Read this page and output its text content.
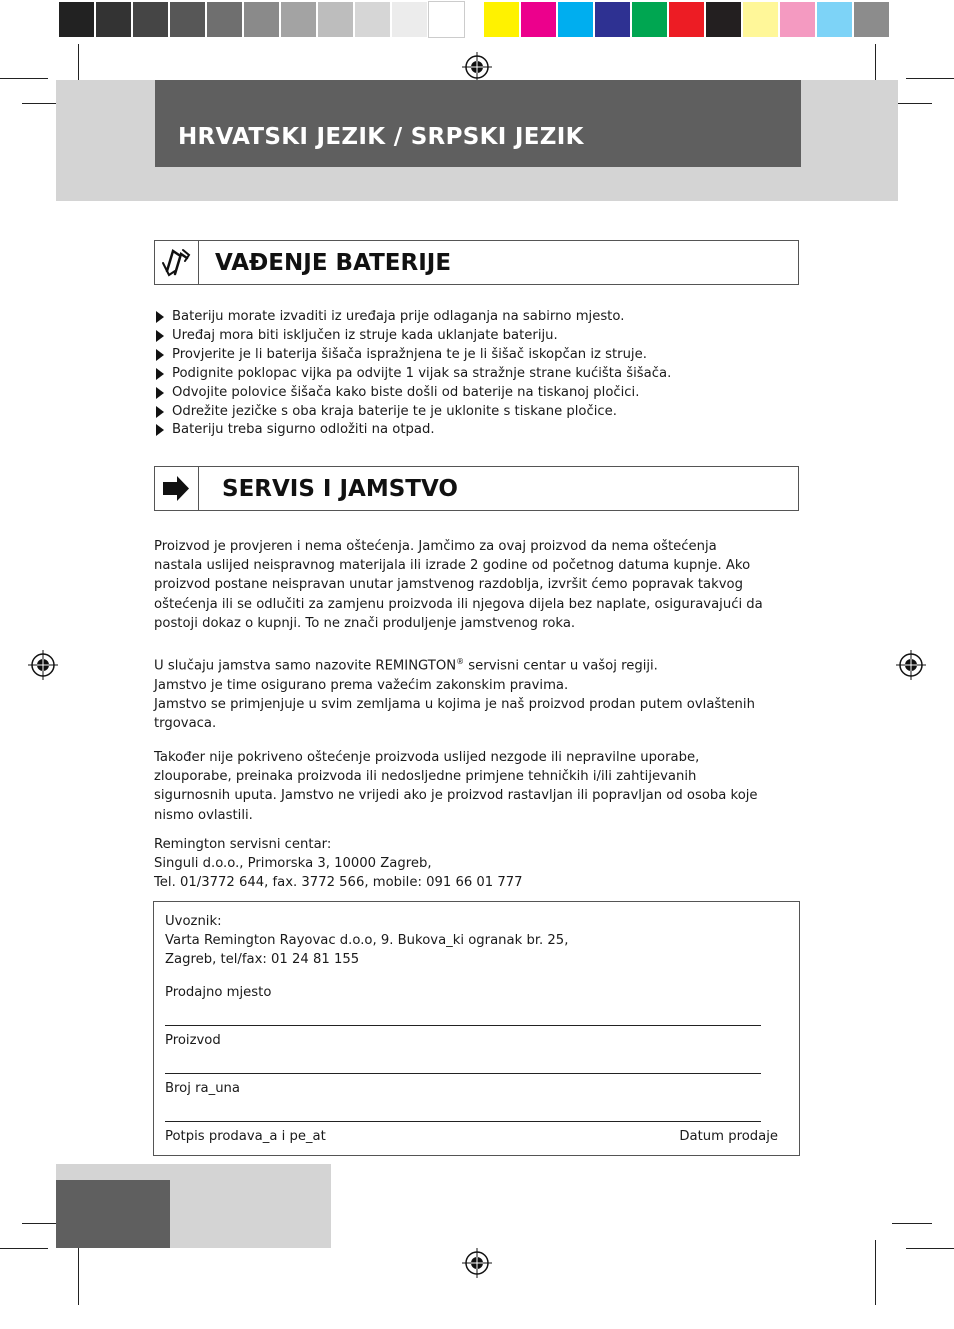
HRVATSKI JEZIK / SRPSKI JEZIK
VAĐENJE BATERIJE
Bateriju morate izvaditi iz uređaja prije odlaganja na sabirno mjesto.
Uređaj mora biti isključen iz struje kada uklanjate bateriju.
Provjerite je li baterija šišača ispražnjena te je li šišač iskopčan iz struje.
Podignite poklopac vijka pa odvijte 1 vijak sa stražnje strane kućišta šišača.
Odvojite polovice šišača kako biste došli od baterije na tiskanoj pločici.
Odrežite jezičke s oba kraja baterije te je uklonite s tiskane pločice.
Bateriju treba sigurno odložiti na otpad.
SERVIS I JAMSTVO

Proizvod je provjeren i nema oštećenja. Jamčimo za ovaj proizvod da nema oštećenja
nastala uslijed neispravnog materijala ili izrade 2 godine od početnog datuma kupnje. Ako
proizvod postane neispravan unutar jamstvenog razdoblja, izvršit ćemo popravak takvog
oštećenja ili se odlučiti za zamjenu proizvoda ili njegova dijela bez naplate, osiguravajući da
postoji dokaz o kupnji. To ne znači produljenje jamstvenog roka.

U slučaju jamstva samo nazovite REMINGTON® servisni centar u vašoj regiji.
Jamstvo je time osigurano prema važećim zakonskim pravima.
Jamstvo se primjenjuje u svim zemljama u kojima je naš proizvod prodan putem ovlaštenih
trgovaca.

Također nije pokriveno oštećenje proizvoda uslijed nezgode ili nepravilne uporabe,
zlouporabe, preinaka proizvoda ili nedosljedne primjene tehničkih i/ili zahtijevanih
sigurnosnih uputa. Jamstvo ne vrijedi ako je proizvod rastavljan ili popravljan od osoba koje
nismo ovlastili.

Remington servisni centar:
Singuli d.o.o., Primorska 3, 10000 Zagreb,
Tel. 01/3772 644, fax. 3772 566, mobile: 091 66 01 777

Uvoznik:
Varta Remington Rayovac d.o.o, 9. Bukova_ki ogranak br. 25,
Zagreb, tel/fax: 01 24 81 155
Prodajno mjesto
Proizvod
Broj ra_una
Potpis prodava_a i pe_at	Datum prodaje
